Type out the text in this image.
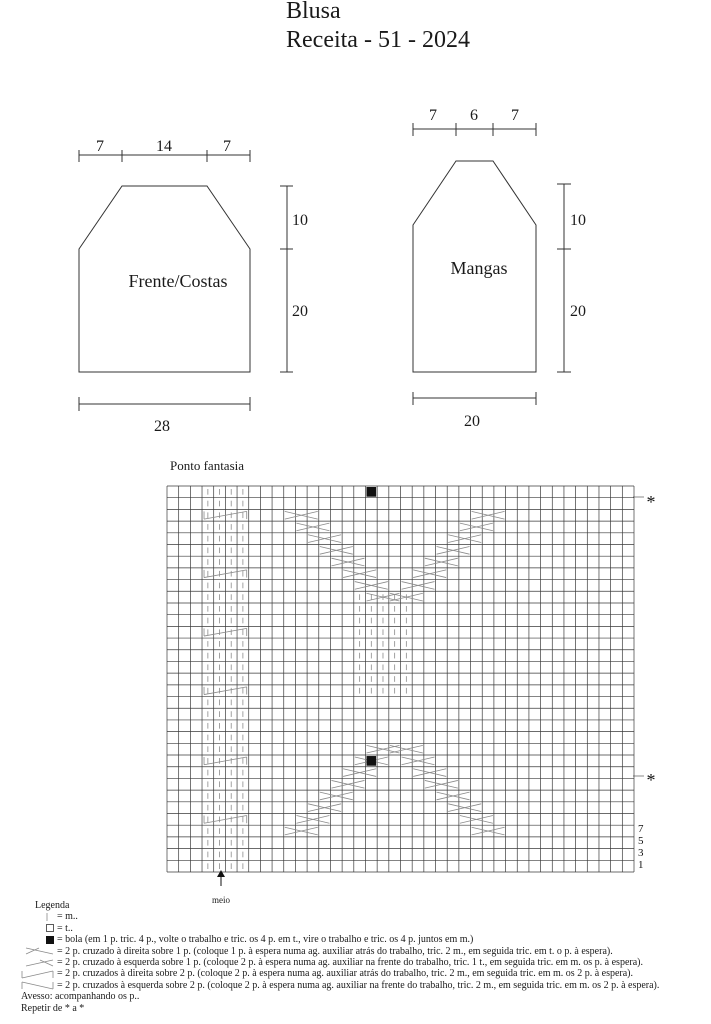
Blusa
Receita - 51 - 2024
7	14	7
10
20
28
Frente/Costas
7 6 7
10
20
20
Mangas
Ponto fantasia
*
*
7
5
3
1
meio
Legenda
= m..
= t..
= bola (em 1 p. tric. 4 p., volte o trabalho e tric. os 4 p. em t., vire o trabalho e tric. os 4 p. juntos em m.)
= 2 p. cruzado à direita sobre 1 p. (coloque 1 p. à espera numa ag. auxiliar atrás do trabalho, tric. 2 m., em seguida tric. em t. o p. à espera).
= 2 p. cruzado à esquerda sobre 1 p. (coloque 2 p. à espera numa ag. auxiliar na frente do trabalho, tric. 1 t., em seguida tric. em m. os p. à espera).
= 2 p. cruzados à direita sobre 2 p. (coloque 2 p. à espera numa ag. auxiliar atrás do trabalho, tric. 2 m., em seguida tric. em m. os 2 p. à espera).
= 2 p. cruzados à esquerda sobre 2 p. (coloque 2 p. à espera numa ag. auxiliar na frente do trabalho, tric. 2 m., em seguida tric. em m. os 2 p. à espera).
Avesso: acompanhando os p..
Repetir de * a *
